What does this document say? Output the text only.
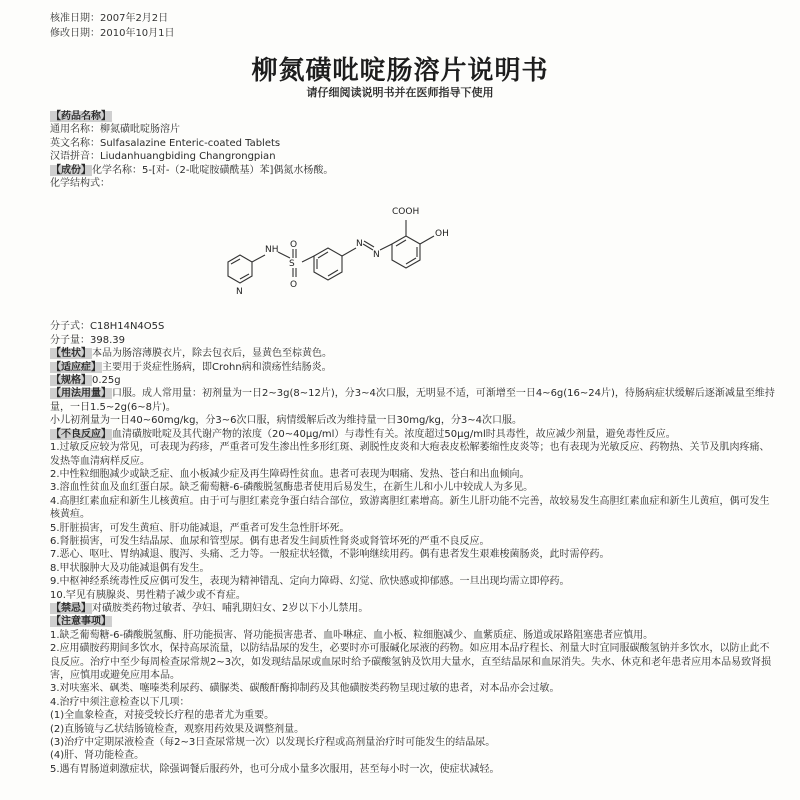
核准日期：2007年2月2日
修改日期：2010年10月1日
柳氮磺吡啶肠溶片说明书
请仔细阅读说明书并在医师指导下使用
【药品名称】
通用名称：柳氮磺吡啶肠溶片
英文名称：Sulfasalazine Enteric-coated Tablets
汉语拼音：Liudanhuangbiding Changrongpian
【成份】化学名称：5-[对-（2-吡啶胺磺酰基）苯]偶氮水杨酸。
化学结构式：
N
NH
S
O
O
N
N
COOH
OH
分子式：C18H14N4O5S
分子量：398.39
【性状】本品为肠溶薄膜衣片，除去包衣后，显黄色至棕黄色。
【适应症】主要用于炎症性肠病，即Crohn病和溃疡性结肠炎。
【规格】0.25g
【用法用量】口服。成人常用量：初剂量为一日2~3g(8~12片)，分3~4次口服，无明显不适，可渐增至一日4~6g(16~24片)，待肠病症状缓解后逐渐减量至维持量，一日1.5~2g(6~8片)。
小儿初剂量为一日40~60mg/kg，分3~6次口服，病情缓解后改为维持量一日30mg/kg，分3~4次口服。
【不良反应】血清磺胺吡啶及其代谢产物的浓度（20~40μg/ml）与毒性有关。浓度超过50μg/ml时具毒性，故应减少剂量，避免毒性反应。
1.过敏反应较为常见，可表现为药疹，严重者可发生渗出性多形红斑、剥脱性皮炎和大疱表皮松解萎缩性皮炎等；也有表现为光敏反应、药物热、关节及肌肉疼痛、发热等血清病样反应。
2.中性粒细胞减少或缺乏症、血小板减少症及再生障碍性贫血。患者可表现为咽痛、发热、苍白和出血倾向。
3.溶血性贫血及血红蛋白尿。缺乏葡萄糖-6-磷酸脱氢酶患者使用后易发生，在新生儿和小儿中较成人为多见。
4.高胆红素血症和新生儿核黄疸。由于可与胆红素竞争蛋白结合部位，致游离胆红素增高。新生儿肝功能不完善，故较易发生高胆红素血症和新生儿黄疸，偶可发生核黄疸。
5.肝脏损害，可发生黄疸、肝功能减退，严重者可发生急性肝坏死。
6.肾脏损害，可发生结晶尿、血尿和管型尿。偶有患者发生间质性肾炎或肾管坏死的严重不良反应。
7.恶心、呕吐、胃纳减退、腹泻、头痛、乏力等。一般症状轻微，不影响继续用药。偶有患者发生艰难梭菌肠炎，此时需停药。
8.甲状腺肿大及功能减退偶有发生。
9.中枢神经系统毒性反应偶可发生，表现为精神错乱、定向力障碍、幻觉、欣快感或抑郁感。一旦出现均需立即停药。
10.罕见有胰腺炎、男性精子减少或不育症。
【禁忌】对磺胺类药物过敏者、孕妇、哺乳期妇女、2岁以下小儿禁用。
【注意事项】
1.缺乏葡萄糖-6-磷酸脱氢酶、肝功能损害、肾功能损害患者、血卟啉症、血小板、粒细胞减少、血紫质症、肠道或尿路阻塞患者应慎用。
2.应用磺胺药期间多饮水，保持高尿流量，以防结晶尿的发生，必要时亦可服碱化尿液的药物。如应用本品疗程长、剂量大时宜同服碳酸氢钠并多饮水，以防止此不良反应。治疗中至少每周检查尿常规2~3次，如发现结晶尿或血尿时给予碳酸氢钠及饮用大量水，直至结晶尿和血尿消失。失水、休克和老年患者应用本品易致肾损害，应慎用或避免应用本品。
3.对呋塞米、砜类、噻嗪类利尿药、磺脲类、碳酸酐酶抑制药及其他磺胺类药物呈现过敏的患者，对本品亦会过敏。
4.治疗中须注意检查以下几项：
(1)全血象检查，对接受较长疗程的患者尤为重要。
(2)直肠镜与乙状结肠镜检查，观察用药效果及调整剂量。
(3)治疗中定期尿液检查（每2~3日查尿常规一次）以发现长疗程或高剂量治疗时可能发生的结晶尿。
(4)肝、肾功能检查。
5.遇有胃肠道刺激症状，除强调餐后服药外，也可分成小量多次服用，甚至每小时一次，使症状减轻。
